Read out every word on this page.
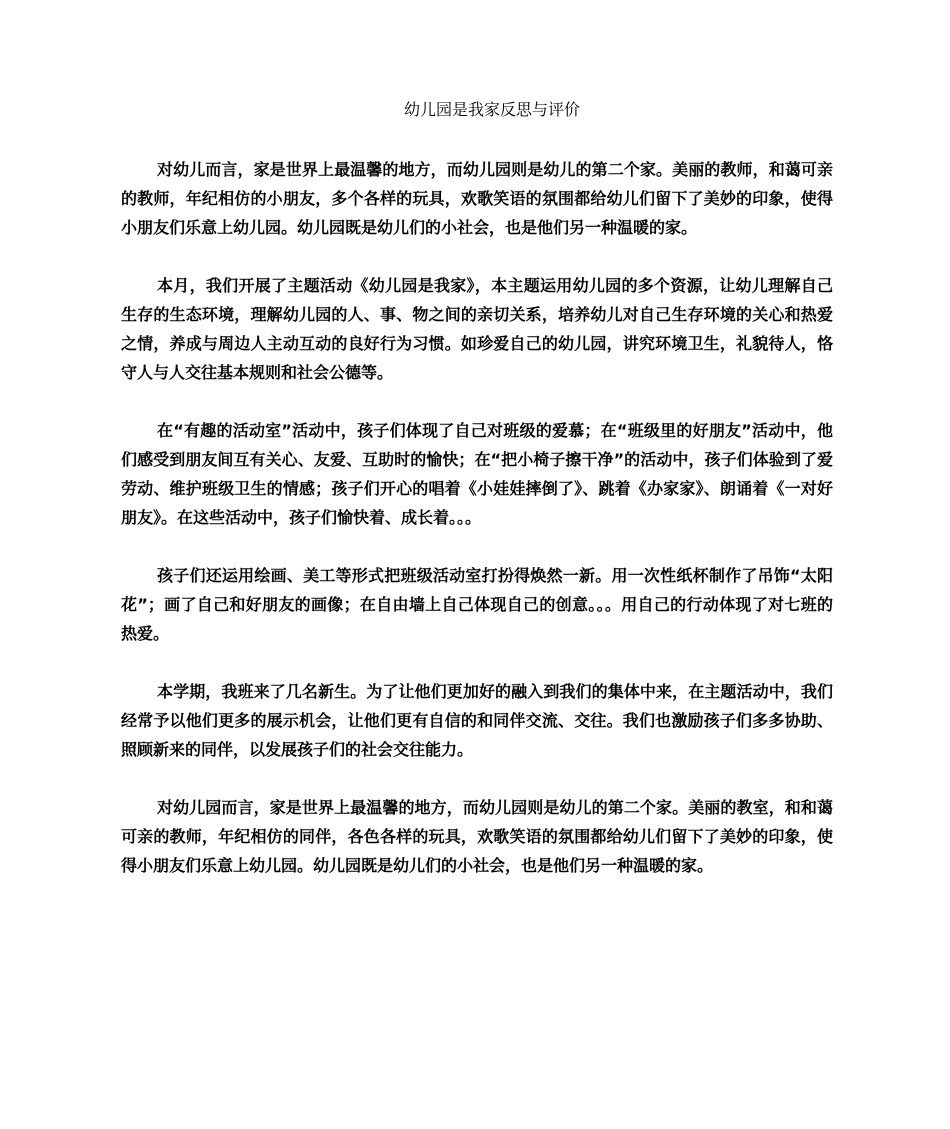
幼儿园是我家反思与评价

对幼儿而言，家是世界上最温馨的地方，而幼儿园则是幼儿的第二个家。美丽的教师，和蔼可亲的教师，年纪相仿的小朋友，多个各样的玩具，欢歌笑语的氛围都给幼儿们留下了美妙的印象，使得小朋友们乐意上幼儿园。幼儿园既是幼儿们的小社会，也是他们另一种温暖的家。

本月，我们开展了主题活动《幼儿园是我家》，本主题运用幼儿园的多个资源，让幼儿理解自己生存的生态环境，理解幼儿园的人、事、物之间的亲切关系，培养幼儿对自己生存环境的关心和热爱之情，养成与周边人主动互动的良好行为习惯。如珍爱自己的幼儿园，讲究环境卫生，礼貌待人，恪守人与人交往基本规则和社会公德等。

在“有趣的活动室”活动中，孩子们体现了自己对班级的爱慕；在“班级里的好朋友”活动中，他们感受到朋友间互有关心、友爱、互助时的愉快；在“把小椅子擦干净”的活动中，孩子们体验到了爱劳动、维护班级卫生的情感；孩子们开心的唱着《小娃娃摔倒了》、跳着《办家家》、朗诵着《一对好朋友》。在这些活动中，孩子们愉快着、成长着。。。

孩子们还运用绘画、美工等形式把班级活动室打扮得焕然一新。用一次性纸杯制作了吊饰“太阳花”；画了自己和好朋友的画像；在自由墙上自己体现自己的创意。。。用自己的行动体现了对七班的热爱。

本学期，我班来了几名新生。为了让他们更加好的融入到我们的集体中来，在主题活动中，我们经常予以他们更多的展示机会，让他们更有自信的和同伴交流、交往。我们也激励孩子们多多协助、照顾新来的同伴，以发展孩子们的社会交往能力。

对幼儿园而言，家是世界上最温馨的地方，而幼儿园则是幼儿的第二个家。美丽的教室，和和蔼可亲的教师，年纪相仿的同伴，各色各样的玩具，欢歌笑语的氛围都给幼儿们留下了美妙的印象，使得小朋友们乐意上幼儿园。幼儿园既是幼儿们的小社会，也是他们另一种温暖的家。
